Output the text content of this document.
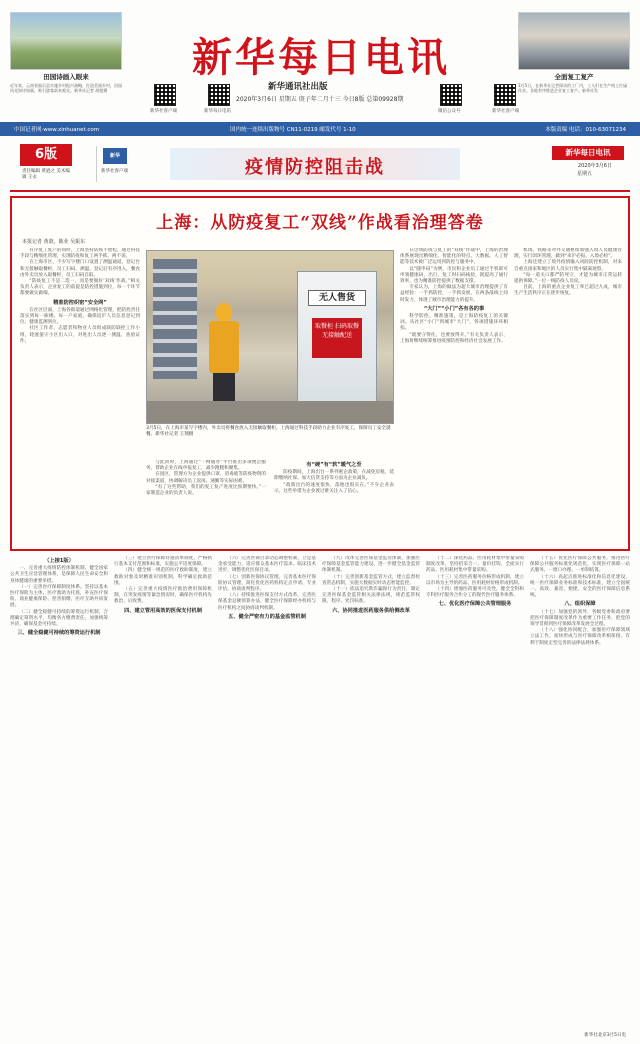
田园诗画入眼来
近年来，云南省福贡县实施乡村振兴战略，打造美丽乡村，田园风光如诗如画，吸引游客前来观光。新华社记者 胡超摄
新华每日电讯
新华通讯社出版
2020年3月6日 星期五 庚子年二月十三 今日8版 总第09928期
新华社客户端	新华每日电讯	微信公众号	新华社客户端
全面复工复产
3月5日，在新华社记者探访的工厂内，工人们在生产线上忙碌作业。各地有序推进企业复工复产。新华社发
中国记者网·www.xinhuanet.com	国内统一连续出版物号 CN11-0219 邮发代号 1-10	本版责编 电话：010-63071234
6版
责任编辑 黄逊之 美术编辑 王永
新华
新华社客户端	疫情防控阻击战
新华每日电讯
2020年3月6日
星期五
上海：从防疫复工“双线”作战看治理答卷
本报记者 黄歆、陈业 吴振东

有序复工复产的同时，上海坚持防疫不放松，通过科技手段与精细化管理，实现防疫和复工两手抓、两不误。

在上海市区，不少写字楼门口设置了测温通道、登记台和无接触取餐柜，员工扫码、测温、登记后有序进入，餐食由外卖员放入取餐柜，员工扫码自取。

“防疫复工不是二选一，而是要做好‘双线’作战。”相关负责人表示，企业复工的前提是防控措施到位，每一个环节都要做实做细。

精准防控织密“安全网”

在社区层面，上海各街道通过网格化管理，把防控责任落实到每一栋楼、每一户家庭，确保返沪人员信息登记到位、健康监测到位。

社区工作者、志愿者和物业人员组成联防联控工作小组，轮流值守小区出入口，对进出人员逐一测温、查验证件。

无人售货
取餐柜 扫码取餐 无接触配送
3月5日，在上海市某写字楼内，外卖员将餐食放入无接触取餐柜。上海通过科技手段助力企业有序复工，保障员工安全就餐。新华社记者 王翔摄

与此同时，上海通过“一网通办”平台推出多项便企服务，帮助企业在线申报复工，减少跑腿和聚集。

在园区，管理方为企业提供口罩、消毒液等防疫物资的对接渠道，协调解决员工返岗、通勤等实际困难。

“有了这些帮助，我们的复工复产进度比预期要快。”一家制造企业的负责人说。

有“硬”有“软”暖气之至

防疫期间，上海出台一系列惠企政策，在减免房租、延期缴纳社保、加大信贷支持等方面为企业减负。

“政策出台的速度很快，落地也很实在。”不少企业表示，这些举措为企业渡过难关注入了信心。

在这场防疫与复工的“双线”作战中，上海的治理体系展现出精细化、智能化的特点。大数据、人工智能等技术被广泛运用到防控与服务中。

以“随申码”为例，市民和企业员工通过手机即可申领健康码，出行、复工时扫码核验，既提高了通行效率，也为精准防控提供了数据支撑。

专家认为，上海的做法为超大城市治理提供了有益经验：一手抓防控，一手抓发展，在两条战线上同时发力，体现了城市治理能力的提升。

“大门”“小门”各有各的事

科学防控、精准施策，是上海防疫复工的关键词。从社区“小门”到城市“大门”，各项措施环环相扣。

“既要守得住，也要放得开。”有关负责人表示，上海将继续统筹推进疫情防控和经济社会发展工作。

机场、铁路等对外交通枢纽加强入境人员健康管理，实行闭环管理，做到“来沪必报、入境必检”。

上海还建立了境外疫情输入风险防控机制，对来自重点国家和地区的人员实行集中隔离观察。

“每一道关口都严防死守，才能为城市正常运转提供保障。”一位一线防疫人员说。

目前，上海的重点企业复工率已超过九成，城市生产生活秩序正在逐步恢复。

（上接1版）

一、完善重大疫情防控体制机制，健全国家公共卫生应急管理体系，是保障人民生命安全和身体健康的重要举措。

（一）完善医疗保障制度体系。坚持以基本医疗保险为主体，医疗救助为托底，补充医疗保险、商业健康保险、慈善捐赠、医疗互助共同发展。

（二）健全稳健可持续的筹资运行机制，合理确定筹资水平，均衡各方缴费责任，加强统筹共济，确保基金可持续。

三、健全稳健可持续的筹资运行机制

（三）建立医疗保障待遇清单制度，严格执行基本支付范围和标准，实施公平适度保障。

（四）健全统一规范的医疗救助制度，建立救助对象及时精准识别机制，科学确定救助范围。

（五）完善重大疫情医疗救治费用保障机制，在突发疫情等紧急情况时，确保医疗机构先救治、后收费。

四、建立管用高效的医保支付机制

（六）完善医保目录动态调整机制，立足基金承受能力，适应群众基本医疗需求、临床技术进步，调整优化医保目录。

（七）创新医保协议管理，完善基本医疗保险协议管理，简化优化医药机构定点申请、专业评估、协商谈判程序。

（八）持续推进医保支付方式改革，完善医保基金总额预算办法，健全医疗保障经办机构与医疗机构之间协商谈判机制。

五、健全严密有力的基金监管机制

（九）改革完善医保基金监管体制，加强医疗保障基金监管能力建设，进一步健全基金监管体制机制。

（十）完善创新基金监管方式，建立监督检查常态机制，实施大数据实时动态智能监控。

（十一）依法追究欺诈骗保行为责任，制定完善医保基金监管相关法律法规，规范监管权限、程序、处罚标准。

六、协同推进医药服务供给侧改革

（十二）深化药品、医用耗材集中带量采购制度改革，坚持招采合一、量价挂钩，全面实行药品、医用耗材集中带量采购。

（十三）完善医药服务价格形成机制，建立以市场为主导的药品、医用耗材价格形成机制。

（十四）增强医药服务可及性，健全全科和专科医疗服务合作分工的现代医疗服务体系。

七、优化医疗保障公共管理服务

（十五）优化医疗保障公共服务，推进医疗保障公共服务标准化规范化，实现医疗保障一站式服务、一窗口办理、一单制结算。

（十六）高起点推进标准化和信息化建设，统一医疗保障业务标准和技术标准，建立全国统一、高效、兼容、便捷、安全的医疗保障信息系统。

八、组织保障

（十七）加强党的领导，各级党委和政府要把医疗保障制度改革作为重要工作任务，把党的领导贯彻到医疗保障改革发展全过程。

（十八）强化协同配合，加强医疗保障领域立法工作，加快形成与医疗保障改革相衔接、有利于制度定型完善的法律法规体系。

新华社北京3月5日电
